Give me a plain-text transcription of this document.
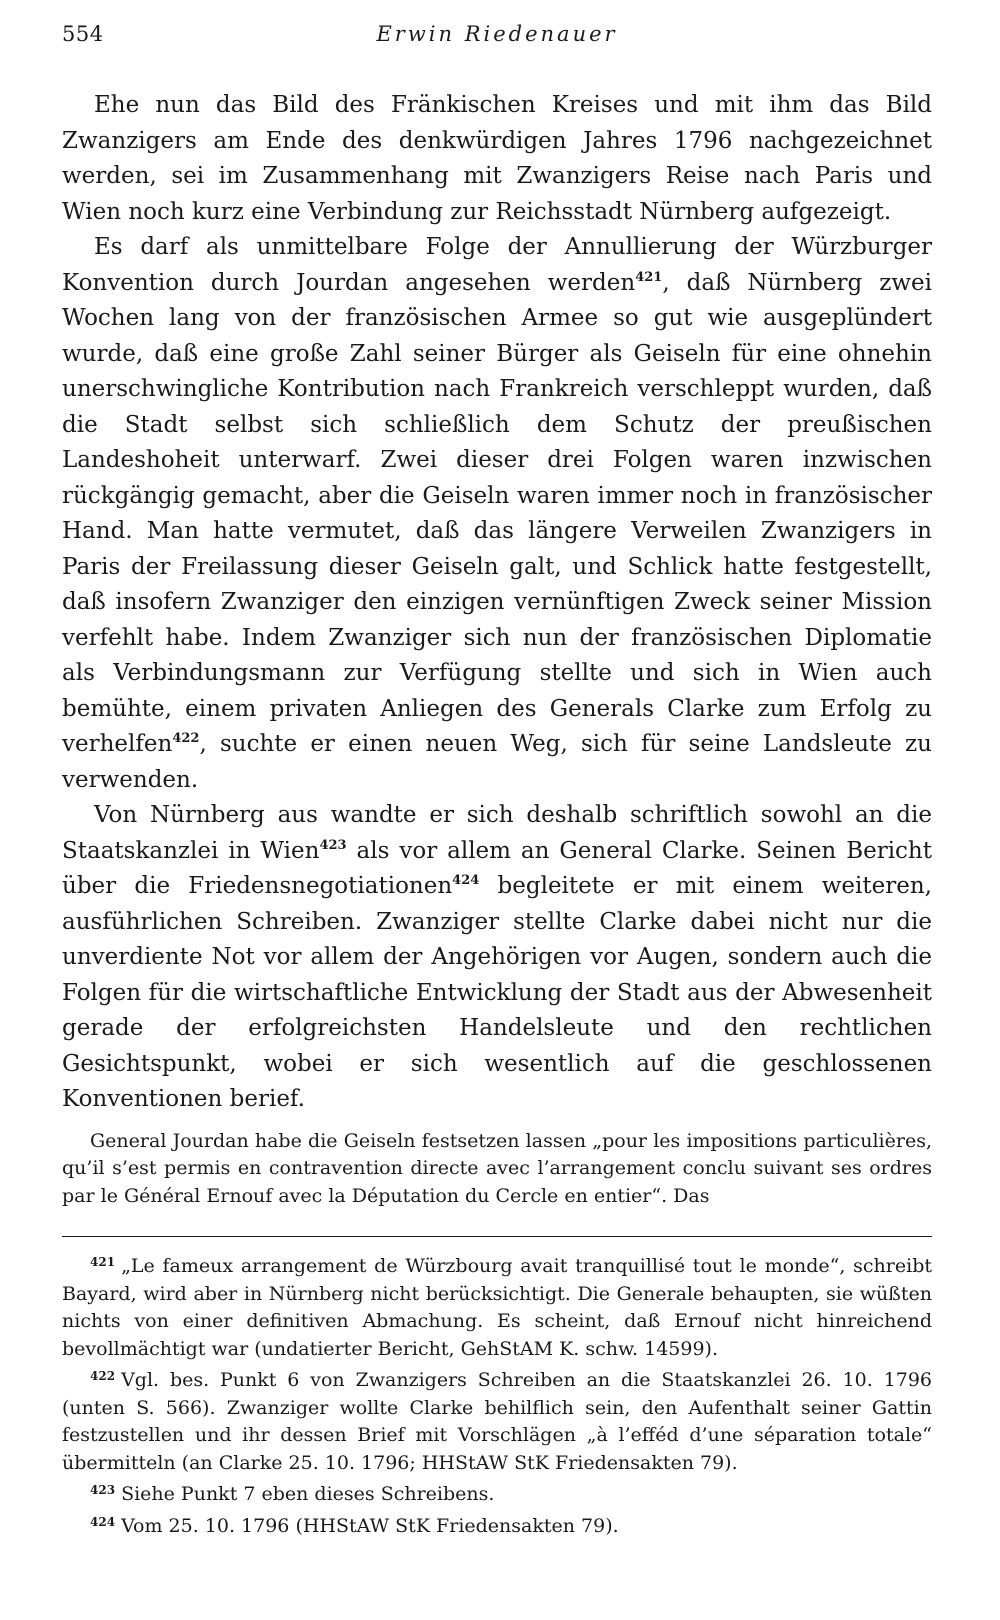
554	Erwin Riedenauer

Ehe nun das Bild des Fränkischen Kreises und mit ihm das Bild Zwanzigers am Ende des denkwürdigen Jahres 1796 nachgezeichnet werden, sei im Zusammenhang mit Zwanzigers Reise nach Paris und Wien noch kurz eine Verbindung zur Reichsstadt Nürnberg aufgezeigt.

Es darf als unmittelbare Folge der Annullierung der Würzburger Konvention durch Jourdan angesehen werden$^{421}$, daß Nürnberg zwei Wochen lang von der französischen Armee so gut wie ausgeplündert wurde, daß eine große Zahl seiner Bürger als Geiseln für eine ohnehin unerschwingliche Kontribution nach Frankreich verschleppt wurden, daß die Stadt selbst sich schließlich dem Schutz der preußischen Landeshoheit unterwarf. Zwei dieser drei Folgen waren inzwischen rückgängig gemacht, aber die Geiseln waren immer noch in französischer Hand. Man hatte vermutet, daß das längere Verweilen Zwanzigers in Paris der Freilassung dieser Geiseln galt, und Schlick hatte festgestellt, daß insofern Zwanziger den einzigen vernünftigen Zweck seiner Mission verfehlt habe. Indem Zwanziger sich nun der französischen Diplomatie als Verbindungsmann zur Verfügung stellte und sich in Wien auch bemühte, einem privaten Anliegen des Generals Clarke zum Erfolg zu verhelfen$^{422}$, suchte er einen neuen Weg, sich für seine Landsleute zu verwenden.

Von Nürnberg aus wandte er sich deshalb schriftlich sowohl an die Staatskanzlei in Wien$^{423}$ als vor allem an General Clarke. Seinen Bericht über die Friedensnegotiationen$^{424}$ begleitete er mit einem weiteren, ausführlichen Schreiben. Zwanziger stellte Clarke dabei nicht nur die unverdiente Not vor allem der Angehörigen vor Augen, sondern auch die Folgen für die wirtschaftliche Entwicklung der Stadt aus der Abwesenheit gerade der erfolgreichsten Handelsleute und den rechtlichen Gesichtspunkt, wobei er sich wesentlich auf die geschlossenen Konventionen berief.

General Jourdan habe die Geiseln festsetzen lassen „pour les impositions particulières, qu’il s’est permis en contravention directe avec l’arrangement conclu suivant ses ordres par le Général Ernouf avec la Députation du Cercle en entier“. Das

$^{421}$ „Le fameux arrangement de Würzbourg avait tranquillisé tout le monde“, schreibt Bayard, wird aber in Nürnberg nicht berücksichtigt. Die Generale behaupten, sie wüßten nichts von einer definitiven Abmachung. Es scheint, daß Ernouf nicht hinreichend bevollmächtigt war (undatierter Bericht, GehStAM K. schw. 14599).

$^{422}$ Vgl. bes. Punkt 6 von Zwanzigers Schreiben an die Staatskanzlei 26. 10. 1796 (unten S. 566). Zwanziger wollte Clarke behilflich sein, den Aufenthalt seiner Gattin festzustellen und ihr dessen Brief mit Vorschlägen „à l’efféd d’une séparation totale“ übermitteln (an Clarke 25. 10. 1796; HHStAW StK Friedensakten 79).

$^{423}$ Siehe Punkt 7 eben dieses Schreibens.

$^{424}$ Vom 25. 10. 1796 (HHStAW StK Friedensakten 79).
